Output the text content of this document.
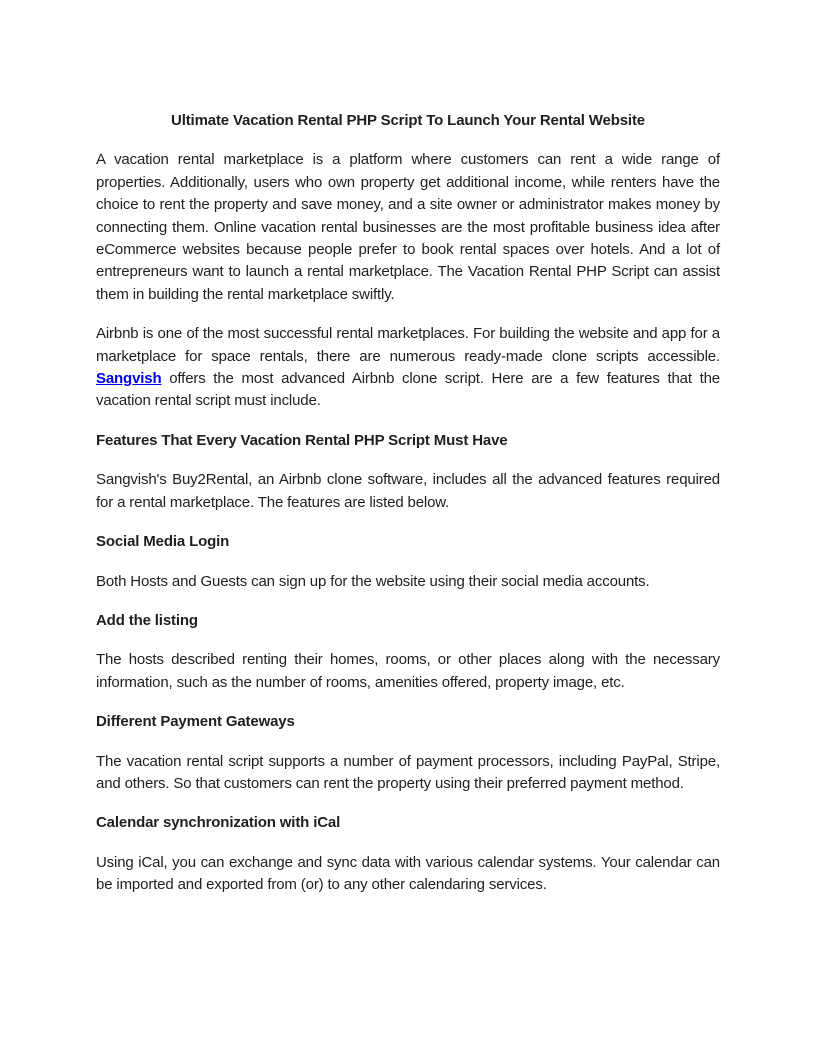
Ultimate Vacation Rental PHP Script To Launch Your Rental Website

A vacation rental marketplace is a platform where customers can rent a wide range of properties. Additionally, users who own property get additional income, while renters have the choice to rent the property and save money, and a site owner or administrator makes money by connecting them. Online vacation rental businesses are the most profitable business idea after eCommerce websites because people prefer to book rental spaces over hotels. And a lot of entrepreneurs want to launch a rental marketplace. The Vacation Rental PHP Script can assist them in building the rental marketplace swiftly.

Airbnb is one of the most successful rental marketplaces. For building the website and app for a marketplace for space rentals, there are numerous ready-made clone scripts accessible. Sangvish offers the most advanced Airbnb clone script. Here are a few features that the vacation rental script must include.

Features That Every Vacation Rental PHP Script Must Have

Sangvish's Buy2Rental, an Airbnb clone software, includes all the advanced features required for a rental marketplace. The features are listed below.

Social Media Login

Both Hosts and Guests can sign up for the website using their social media accounts.

Add the listing

The hosts described renting their homes, rooms, or other places along with the necessary information, such as the number of rooms, amenities offered, property image, etc.

Different Payment Gateways

The vacation rental script supports a number of payment processors, including PayPal, Stripe, and others. So that customers can rent the property using their preferred payment method.

Calendar synchronization with iCal

Using iCal, you can exchange and sync data with various calendar systems. Your calendar can be imported and exported from (or) to any other calendaring services.
